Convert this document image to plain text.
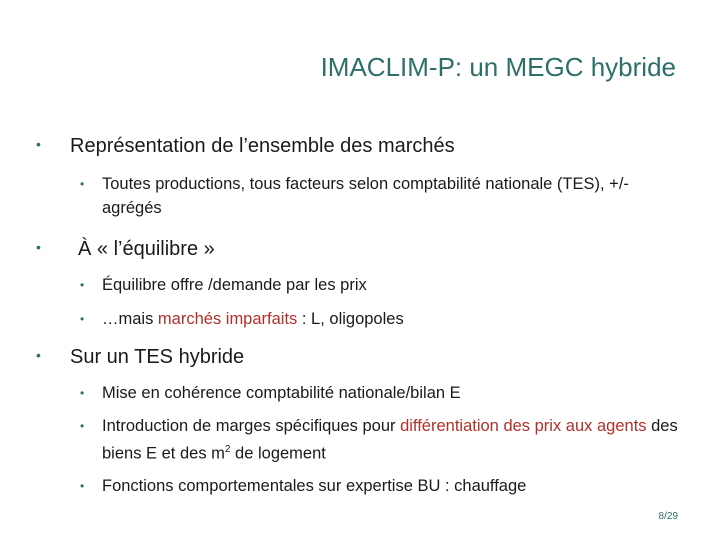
IMACLIM-P: un MEGC hybride
• Représentation de l’ensemble des marchés
• Toutes productions, tous facteurs selon comptabilité nationale (TES), +/- agrégés
• À « l’équilibre »
• Équilibre offre /demande par les prix
• …mais marchés imparfaits : L, oligopoles
• Sur un TES hybride
• Mise en cohérence comptabilité nationale/bilan E
• Introduction de marges spécifiques pour différentiation des prix aux agents des biens E et des $m^2$ de logement
• Fonctions comportementales sur expertise BU : chauffage
8/29
